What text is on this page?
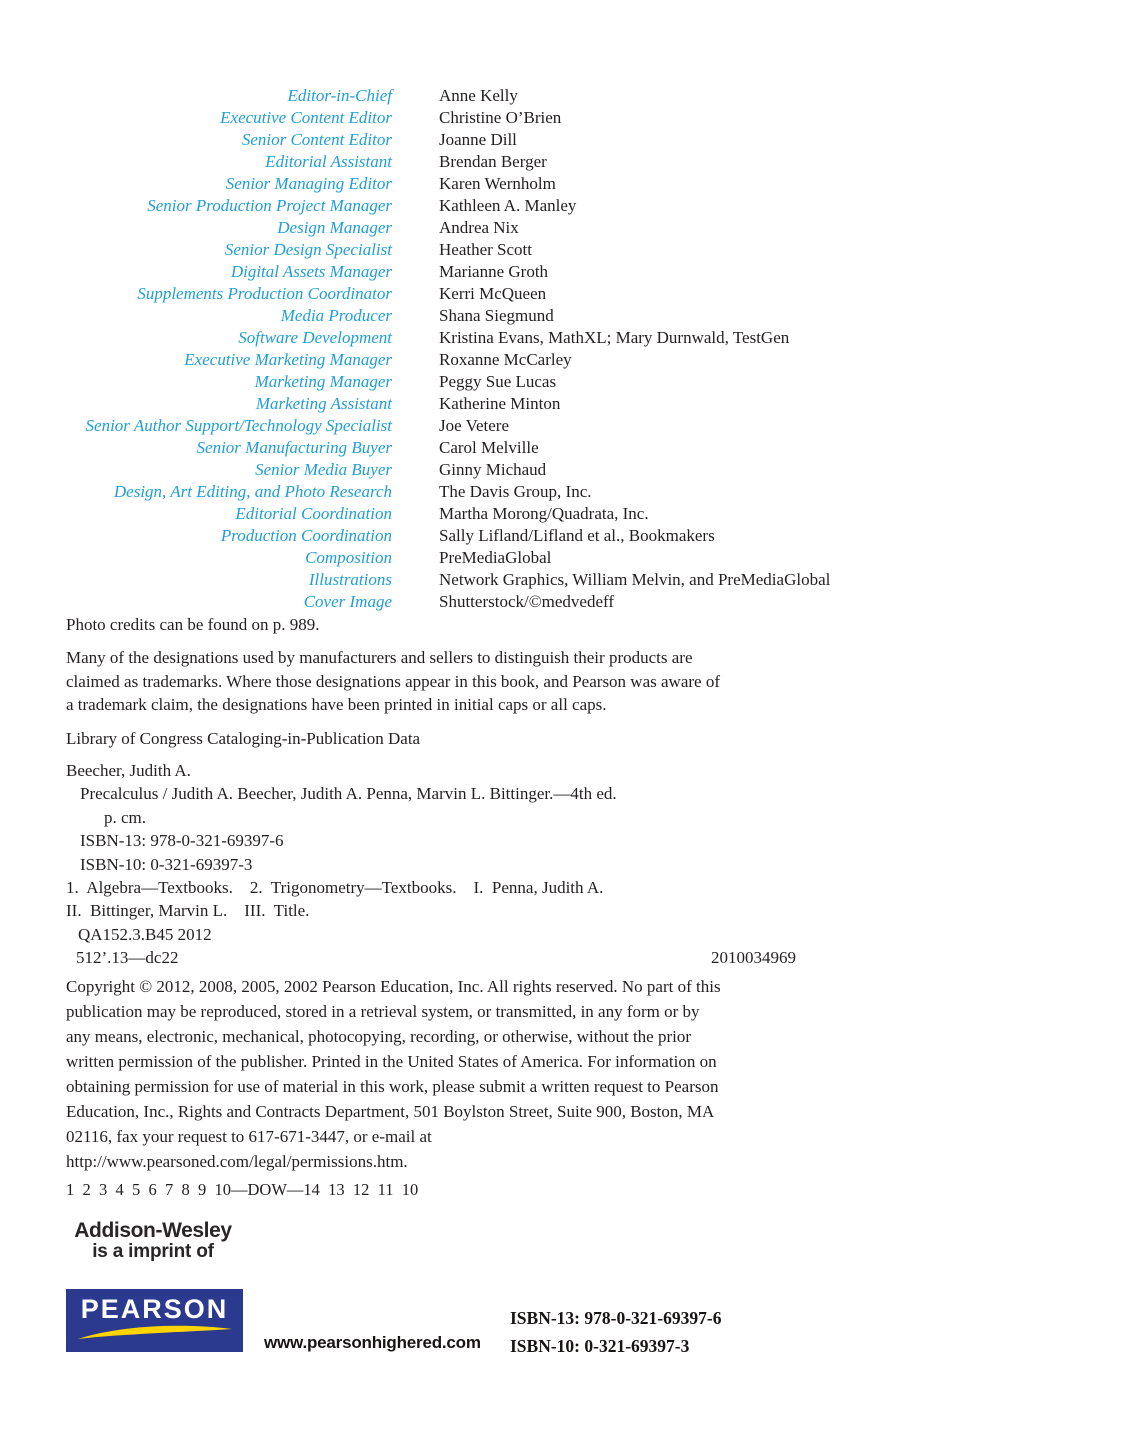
Editor-in-Chief	Anne Kelly
Executive Content Editor	Christine O’Brien
Senior Content Editor	Joanne Dill
Editorial Assistant	Brendan Berger
Senior Managing Editor	Karen Wernholm
Senior Production Project Manager	Kathleen A. Manley
Design Manager	Andrea Nix
Senior Design Specialist	Heather Scott
Digital Assets Manager	Marianne Groth
Supplements Production Coordinator	Kerri McQueen
Media Producer	Shana Siegmund
Software Development	Kristina Evans, MathXL; Mary Durnwald, TestGen
Executive Marketing Manager	Roxanne McCarley
Marketing Manager	Peggy Sue Lucas
Marketing Assistant	Katherine Minton
Senior Author Support/Technology Specialist	Joe Vetere
Senior Manufacturing Buyer	Carol Melville
Senior Media Buyer	Ginny Michaud
Design, Art Editing, and Photo Research	The Davis Group, Inc.
Editorial Coordination	Martha Morong/Quadrata, Inc.
Production Coordination	Sally Lifland/Lifland et al., Bookmakers
Composition	PreMediaGlobal
Illustrations	Network Graphics, William Melvin, and PreMediaGlobal
Cover Image	Shutterstock/©medvedeff
Photo credits can be found on p. 989.
Many of the designations used by manufacturers and sellers to distinguish their products are
claimed as trademarks. Where those designations appear in this book, and Pearson was aware of
a trademark claim, the designations have been printed in initial caps or all caps.
Library of Congress Cataloging-in-Publication Data
Beecher, Judith A.
Precalculus / Judith A. Beecher, Judith A. Penna, Marvin L. Bittinger.—4th ed.
p. cm.
ISBN-13: 978-0-321-69397-6
ISBN-10: 0-321-69397-3
1.  Algebra—Textbooks.    2.  Trigonometry—Textbooks.    I.  Penna, Judith A.
II.  Bittinger, Marvin L.    III.  Title.
QA152.3.B45 2012
512’.13—dc22	2010034969
Copyright © 2012, 2008, 2005, 2002 Pearson Education, Inc. All rights reserved. No part of this
publication may be reproduced, stored in a retrieval system, or transmitted, in any form or by
any means, electronic, mechanical, photocopying, recording, or otherwise, without the prior
written permission of the publisher. Printed in the United States of America. For information on
obtaining permission for use of material in this work, please submit a written request to Pearson
Education, Inc., Rights and Contracts Department, 501 Boylston Street, Suite 900, Boston, MA
02116, fax your request to 617-671-3447, or e-mail at
http://www.pearsoned.com/legal/permissions.htm.
1  2  3  4  5  6  7  8  9  10—DOW—14  13  12  11  10
Addison-Wesley
is a imprint of
PEARSON
www.pearsonhighered.com
ISBN-13: 978-0-321-69397-6
ISBN-10: 0-321-69397-3
